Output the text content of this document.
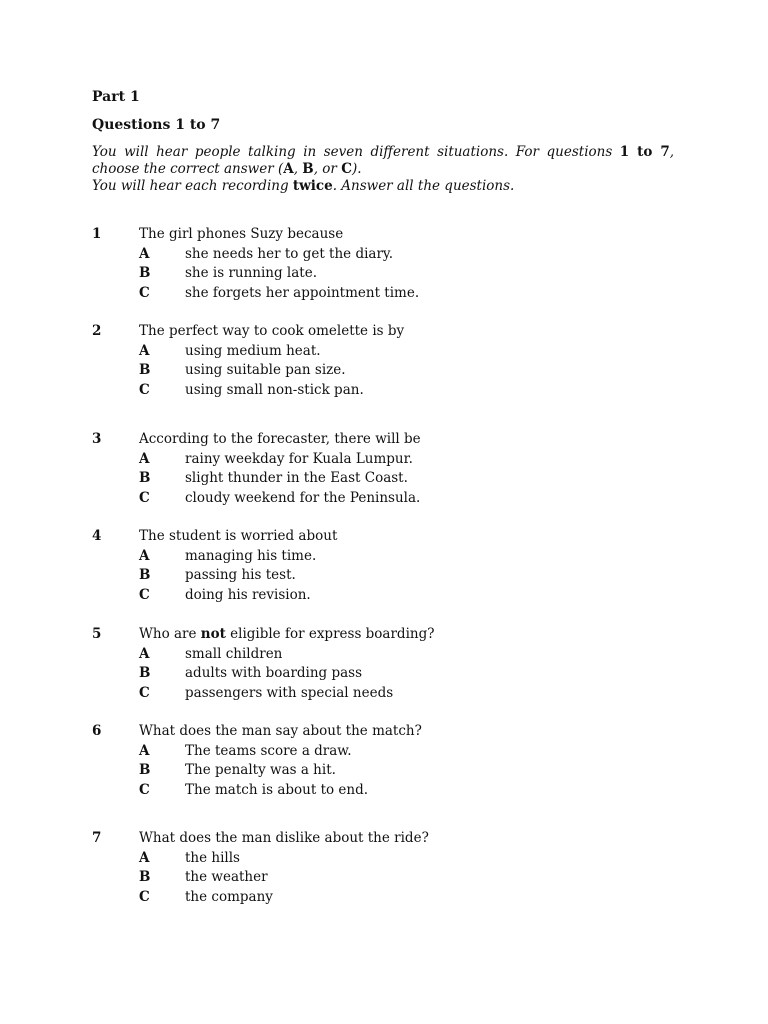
Part 1
Questions 1 to 7
You will hear people talking in seven different situations. For questions 1 to 7, choose the correct answer (A, B, or C).
You will hear each recording twice. Answer all the questions.
1	The girl phones Suzy because
A	she needs her to get the diary.
B	she is running late.
C	she forgets her appointment time.
2	The perfect way to cook omelette is by
A	using medium heat.
B	using suitable pan size.
C	using small non-stick pan.
3	According to the forecaster, there will be
A	rainy weekday for Kuala Lumpur.
B	slight thunder in the East Coast.
C	cloudy weekend for the Peninsula.
4	The student is worried about
A	managing his time.
B	passing his test.
C	doing his revision.
5	Who are not eligible for express boarding?
A	small children
B	adults with boarding pass
C	passengers with special needs
6	What does the man say about the match?
A	The teams score a draw.
B	The penalty was a hit.
C	The match is about to end.
7	What does the man dislike about the ride?
A	the hills
B	the weather
C	the company
